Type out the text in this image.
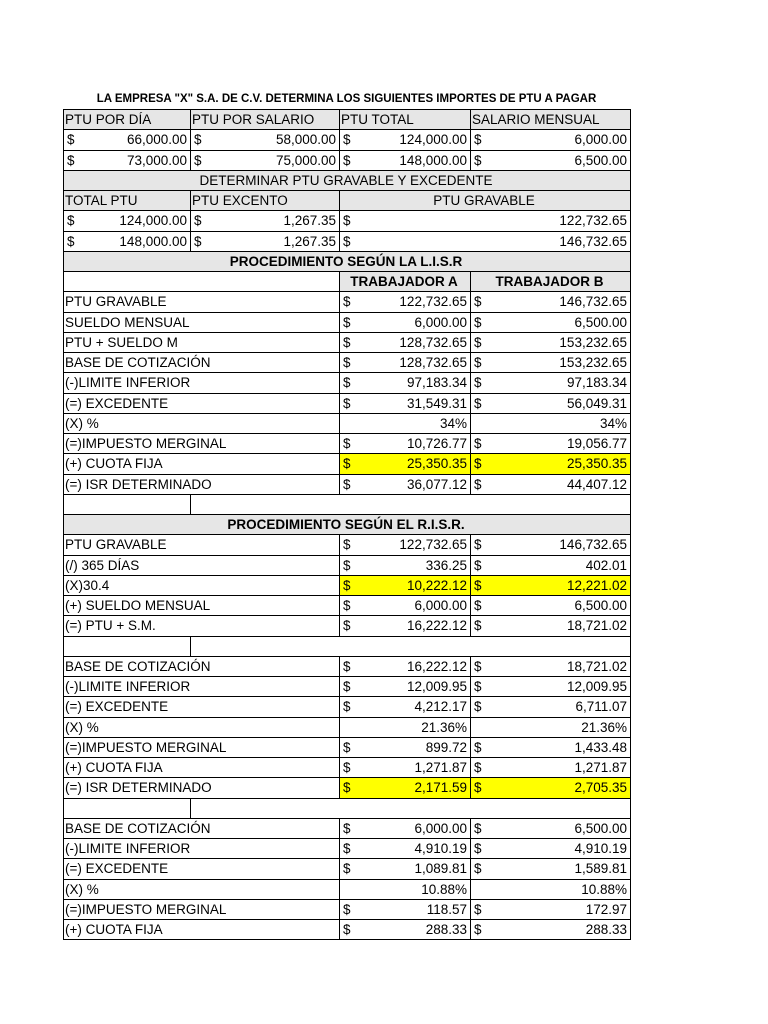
LA EMPRESA "X" S.A. DE C.V. DETERMINA LOS SIGUIENTES IMPORTES DE PTU A PAGAR
PTU POR DÍA	PTU POR SALARIO	PTU TOTAL	SALARIO MENSUAL
$	66,000.00 $	58,000.00 $	124,000.00 $	6,000.00
$	73,000.00 $	75,000.00 $	148,000.00 $	6,500.00
DETERMINAR PTU GRAVABLE Y EXCEDENTE
TOTAL PTU	PTU EXCENTO	PTU GRAVABLE
$	124,000.00 $	1,267.35 $	122,732.65
$	148,000.00 $	1,267.35 $	146,732.65
PROCEDIMIENTO SEGÚN LA L.I.S.R
TRABAJADOR A	TRABAJADOR B
PTU GRAVABLE	$	122,732.65 $	146,732.65
SUELDO MENSUAL	$	6,000.00 $	6,500.00
PTU + SUELDO M	$	128,732.65 $	153,232.65
BASE DE COTIZACIÓN	$	128,732.65 $	153,232.65
(-)LIMITE INFERIOR	$	97,183.34 $	97,183.34
(=) EXCEDENTE	$	31,549.31 $	56,049.31
(X) %	34%	34%
(=)IMPUESTO MERGINAL	$	10,726.77 $	19,056.77
(+) CUOTA FIJA	$	25,350.35 $	25,350.35
(=) ISR DETERMINADO	$	36,077.12 $	44,407.12
PROCEDIMIENTO SEGÚN EL R.I.S.R.
PTU GRAVABLE	$	122,732.65 $	146,732.65
(/) 365 DÍAS	$	336.25 $	402.01
(X)30.4	$	10,222.12 $	12,221.02
(+) SUELDO MENSUAL	$	6,000.00 $	6,500.00
(=) PTU + S.M.	$	16,222.12 $	18,721.02
BASE DE COTIZACIÓN	$	16,222.12 $	18,721.02
(-)LIMITE INFERIOR	$	12,009.95 $	12,009.95
(=) EXCEDENTE	$	4,212.17 $	6,711.07
(X) %	21.36%	21.36%
(=)IMPUESTO MERGINAL	$	899.72 $	1,433.48
(+) CUOTA FIJA	$	1,271.87 $	1,271.87
(=) ISR DETERMINADO	$	2,171.59 $	2,705.35
BASE DE COTIZACIÓN	$	6,000.00 $	6,500.00
(-)LIMITE INFERIOR	$	4,910.19 $	4,910.19
(=) EXCEDENTE	$	1,089.81 $	1,589.81
(X) %	10.88%	10.88%
(=)IMPUESTO MERGINAL	$	118.57 $	172.97
(+) CUOTA FIJA	$	288.33 $	288.33
